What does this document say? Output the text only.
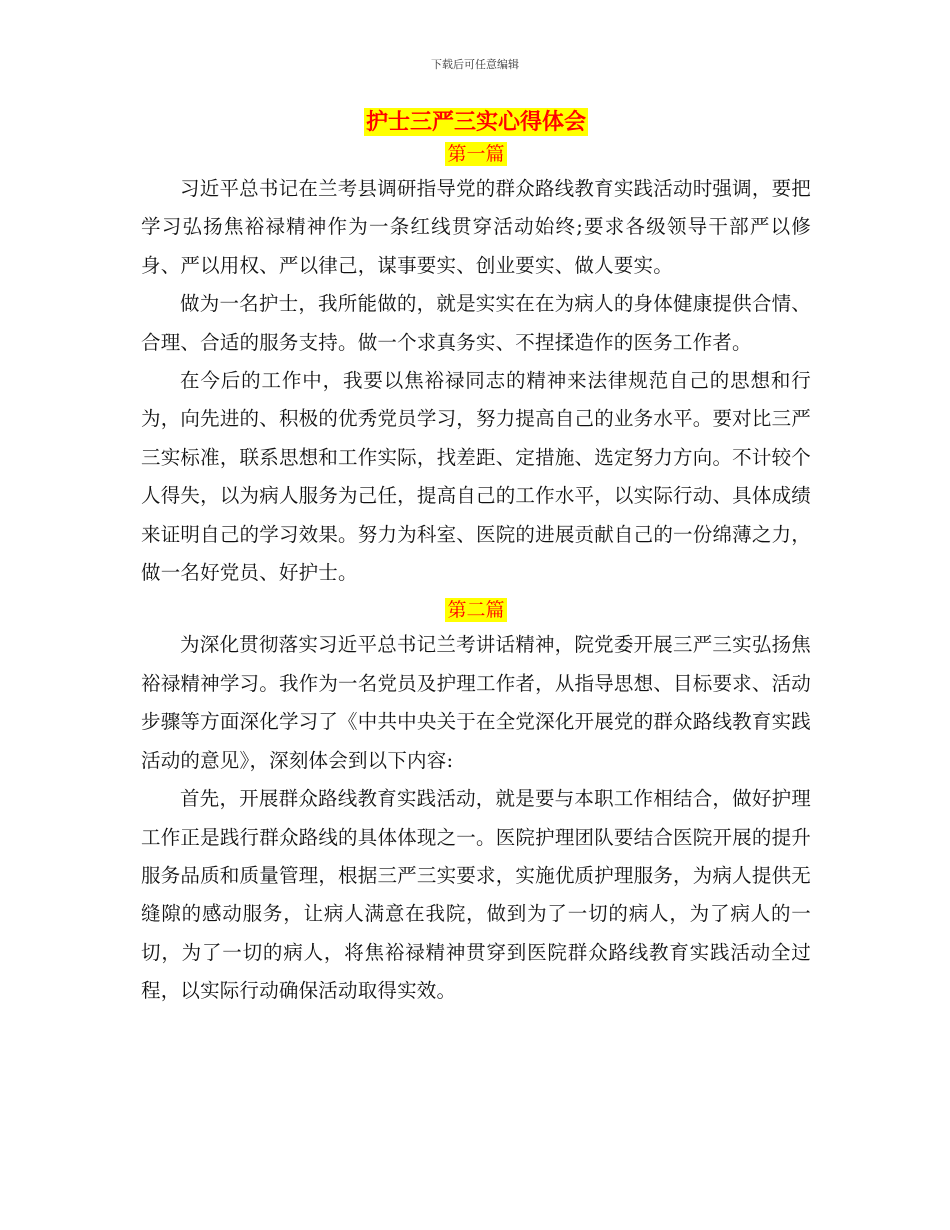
下载后可任意编辑
护士三严三实心得体会
第一篇

习近平总书记在兰考县调研指导党的群众路线教育实践活动时强调，要把学习弘扬焦裕禄精神作为一条红线贯穿活动始终;要求各级领导干部严以修身、严以用权、严以律己，谋事要实、创业要实、做人要实。

做为一名护士，我所能做的，就是实实在在为病人的身体健康提供合情、合理、合适的服务支持。做一个求真务实、不捏揉造作的医务工作者。

在今后的工作中，我要以焦裕禄同志的精神来法律规范自己的思想和行为，向先进的、积极的优秀党员学习，努力提高自己的业务水平。要对比三严三实标准，联系思想和工作实际，找差距、定措施、选定努力方向。不计较个人得失，以为病人服务为己任，提高自己的工作水平，以实际行动、具体成绩来证明自己的学习效果。努力为科室、医院的进展贡献自己的一份绵薄之力，做一名好党员、好护士。

第二篇

为深化贯彻落实习近平总书记兰考讲话精神，院党委开展三严三实弘扬焦裕禄精神学习。我作为一名党员及护理工作者，从指导思想、目标要求、活动步骤等方面深化学习了《中共中央关于在全党深化开展党的群众路线教育实践活动的意见》，深刻体会到以下内容:

首先，开展群众路线教育实践活动，就是要与本职工作相结合，做好护理工作正是践行群众路线的具体体现之一。医院护理团队要结合医院开展的提升服务品质和质量管理，根据三严三实要求，实施优质护理服务，为病人提供无缝隙的感动服务，让病人满意在我院，做到为了一切的病人，为了病人的一切，为了一切的病人，将焦裕禄精神贯穿到医院群众路线教育实践活动全过程，以实际行动确保活动取得实效。
